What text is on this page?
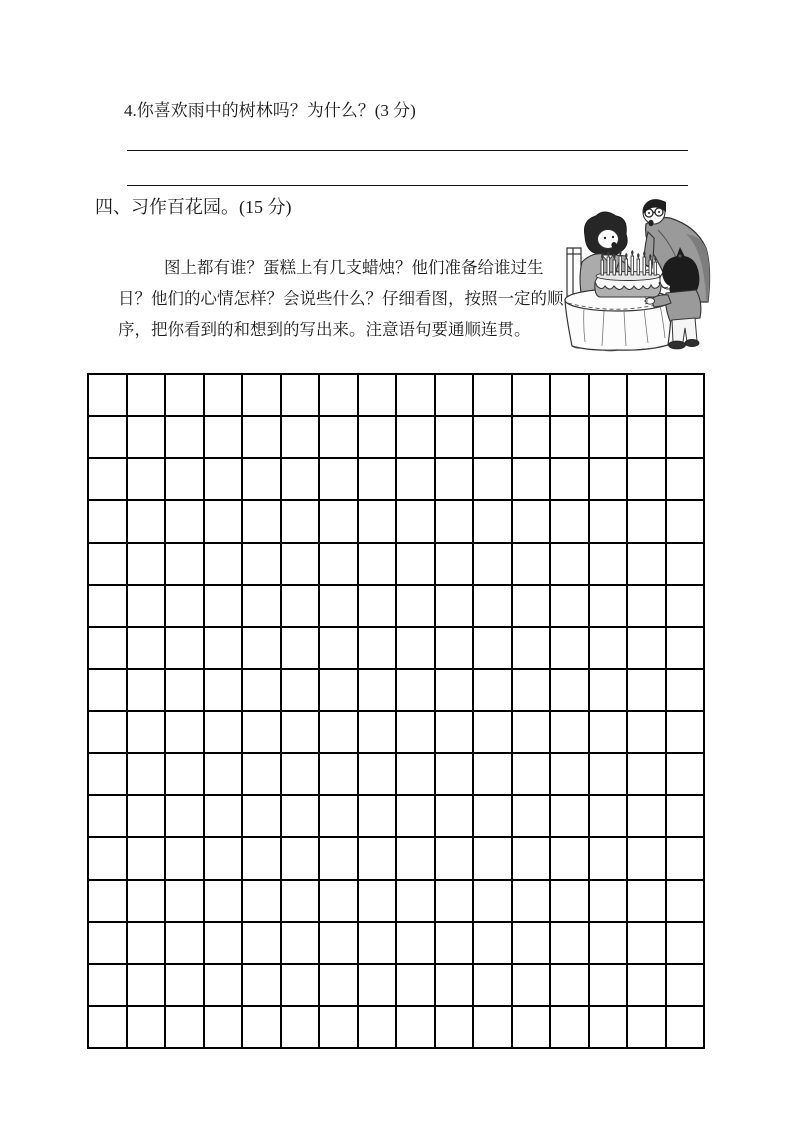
4.你喜欢雨中的树林吗？为什么？(3 分)
四、习作百花园。(15 分)
图上都有谁？蛋糕上有几支蜡烛？他们准备给谁过生
日？他们的心情怎样？会说些什么？仔细看图，按照一定的顺
序，把你看到的和想到的写出来。注意语句要通顺连贯。
